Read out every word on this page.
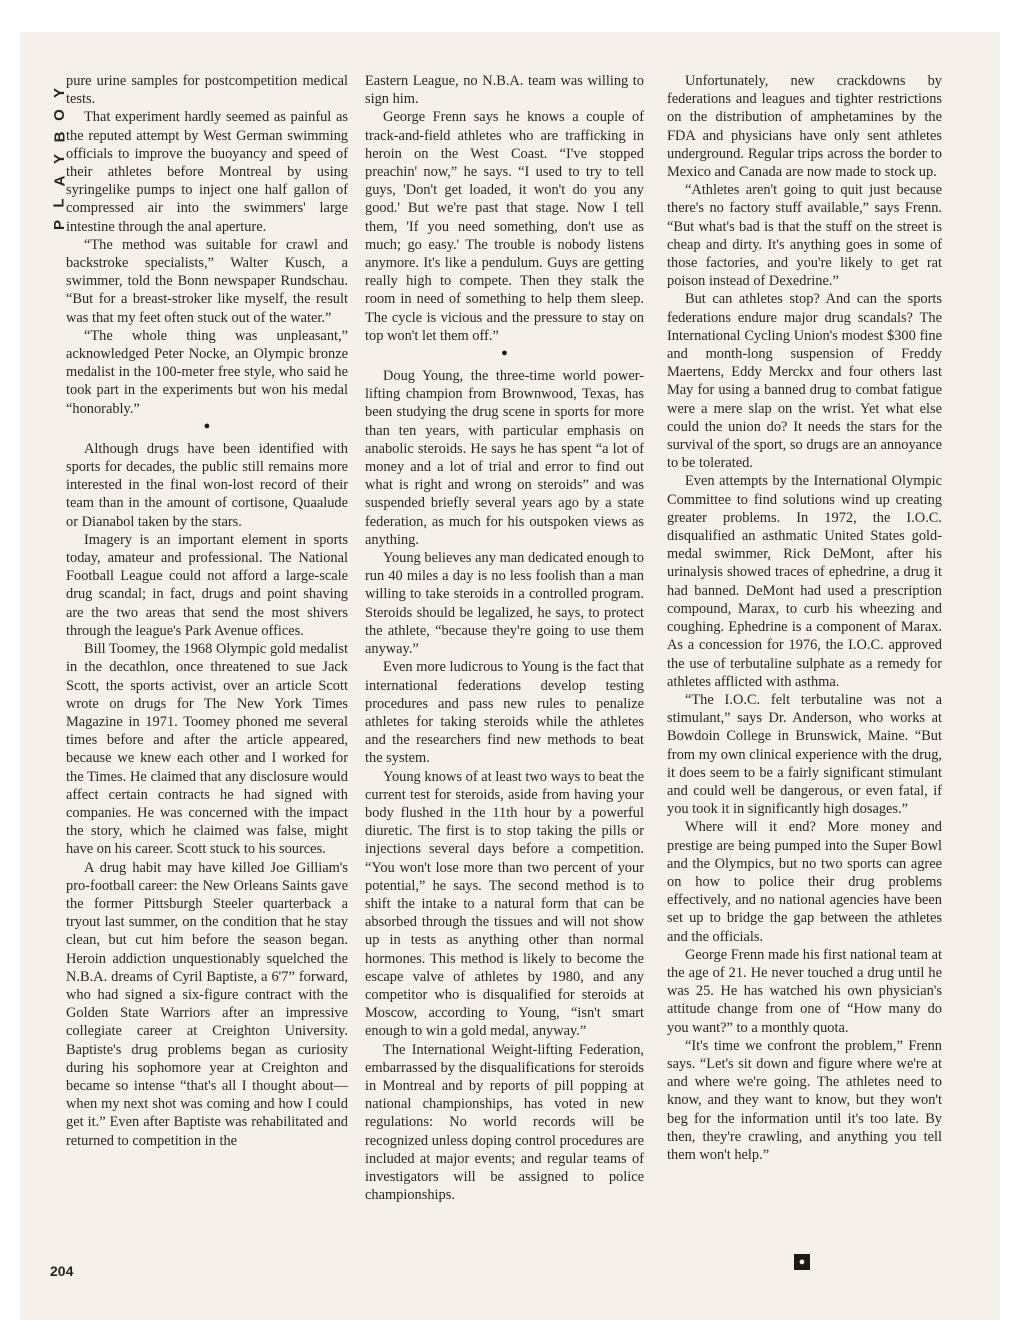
Y
O
B
Y
A
L
P

pure urine samples for postcompetition medical tests.

That experiment hardly seemed as painful as the reputed attempt by West German swimming officials to improve the buoyancy and speed of their athletes before Montreal by using syringelike pumps to inject one half gallon of compressed air into the swimmers' large intestine through the anal aperture.

“The method was suitable for crawl and backstroke specialists,” Walter Kusch, a swimmer, told the Bonn newspaper Rundschau. “But for a breast-stroker like myself, the result was that my feet often stuck out of the water.”

“The whole thing was unpleasant,” acknowledged Peter Nocke, an Olympic bronze medalist in the 100-meter free style, who said he took part in the experiments but won his medal “honorably.”

●

Although drugs have been identified with sports for decades, the public still remains more interested in the final won-lost record of their team than in the amount of cortisone, Quaalude or Dianabol taken by the stars.

Imagery is an important element in sports today, amateur and professional. The National Football League could not afford a large-scale drug scandal; in fact, drugs and point shaving are the two areas that send the most shivers through the league's Park Avenue offices.

Bill Toomey, the 1968 Olympic gold medalist in the decathlon, once threatened to sue Jack Scott, the sports activist, over an article Scott wrote on drugs for The New York Times Magazine in 1971. Toomey phoned me several times before and after the article appeared, because we knew each other and I worked for the Times. He claimed that any disclosure would affect certain contracts he had signed with companies. He was concerned with the impact the story, which he claimed was false, might have on his career. Scott stuck to his sources.

A drug habit may have killed Joe Gilliam's pro-football career: the New Orleans Saints gave the former Pittsburgh Steeler quarterback a tryout last summer, on the condition that he stay clean, but cut him before the season began. Heroin addiction unquestionably squelched the N.B.A. dreams of Cyril Baptiste, a 6'7” forward, who had signed a six-figure contract with the Golden State Warriors after an impressive collegiate career at Creighton University. Baptiste's drug problems began as curiosity during his sophomore year at Creighton and became so intense “that's all I thought about—when my next shot was coming and how I could get it.” Even after Baptiste was rehabilitated and returned to competition in the

Eastern League, no N.B.A. team was willing to sign him.

George Frenn says he knows a couple of track-and-field athletes who are trafficking in heroin on the West Coast. “I've stopped preachin' now,” he says. “I used to try to tell guys, 'Don't get loaded, it won't do you any good.' But we're past that stage. Now I tell them, 'If you need something, don't use as much; go easy.' The trouble is nobody listens anymore. It's like a pendulum. Guys are getting really high to compete. Then they stalk the room in need of something to help them sleep. The cycle is vicious and the pressure to stay on top won't let them off.”

●

Doug Young, the three-time world power-lifting champion from Brownwood, Texas, has been studying the drug scene in sports for more than ten years, with particular emphasis on anabolic steroids. He says he has spent “a lot of money and a lot of trial and error to find out what is right and wrong on steroids” and was suspended briefly several years ago by a state federation, as much for his outspoken views as anything.

Young believes any man dedicated enough to run 40 miles a day is no less foolish than a man willing to take steroids in a controlled program. Steroids should be legalized, he says, to protect the athlete, “because they're going to use them anyway.”

Even more ludicrous to Young is the fact that international federations develop testing procedures and pass new rules to penalize athletes for taking steroids while the athletes and the researchers find new methods to beat the system.

Young knows of at least two ways to beat the current test for steroids, aside from having your body flushed in the 11th hour by a powerful diuretic. The first is to stop taking the pills or injections several days before a competition. “You won't lose more than two percent of your potential,” he says. The second method is to shift the intake to a natural form that can be absorbed through the tissues and will not show up in tests as anything other than normal hormones. This method is likely to become the escape valve of athletes by 1980, and any competitor who is disqualified for steroids at Moscow, according to Young, “isn't smart enough to win a gold medal, anyway.”

The International Weight-lifting Federation, embarrassed by the disqualifications for steroids in Montreal and by reports of pill popping at national championships, has voted in new regulations: No world records will be recognized unless doping control procedures are included at major events; and regular teams of investigators will be assigned to police championships.

Unfortunately, new crackdowns by federations and leagues and tighter restrictions on the distribution of amphetamines by the FDA and physicians have only sent athletes underground. Regular trips across the border to Mexico and Canada are now made to stock up.

“Athletes aren't going to quit just because there's no factory stuff available,” says Frenn. “But what's bad is that the stuff on the street is cheap and dirty. It's anything goes in some of those factories, and you're likely to get rat poison instead of Dexedrine.”

But can athletes stop? And can the sports federations endure major drug scandals? The International Cycling Union's modest $300 fine and month-long suspension of Freddy Maertens, Eddy Merckx and four others last May for using a banned drug to combat fatigue were a mere slap on the wrist. Yet what else could the union do? It needs the stars for the survival of the sport, so drugs are an annoyance to be tolerated.

Even attempts by the International Olympic Committee to find solutions wind up creating greater problems. In 1972, the I.O.C. disqualified an asthmatic United States gold-medal swimmer, Rick DeMont, after his urinalysis showed traces of ephedrine, a drug it had banned. DeMont had used a prescription compound, Marax, to curb his wheezing and coughing. Ephedrine is a component of Marax. As a concession for 1976, the I.O.C. approved the use of terbutaline sulphate as a remedy for athletes afflicted with asthma.

“The I.O.C. felt terbutaline was not a stimulant,” says Dr. Anderson, who works at Bowdoin College in Brunswick, Maine. “But from my own clinical experience with the drug, it does seem to be a fairly significant stimulant and could well be dangerous, or even fatal, if you took it in significantly high dosages.”

Where will it end? More money and prestige are being pumped into the Super Bowl and the Olympics, but no two sports can agree on how to police their drug problems effectively, and no national agencies have been set up to bridge the gap between the athletes and the officials.

George Frenn made his first national team at the age of 21. He never touched a drug until he was 25. He has watched his own physician's attitude change from one of “How many do you want?” to a monthly quota.

“It's time we confront the problem,” Frenn says. “Let's sit down and figure where we're at and where we're going. The athletes need to know, and they want to know, but they won't beg for the information until it's too late. By then, they're crawling, and anything you tell them won't help.”

204
●
